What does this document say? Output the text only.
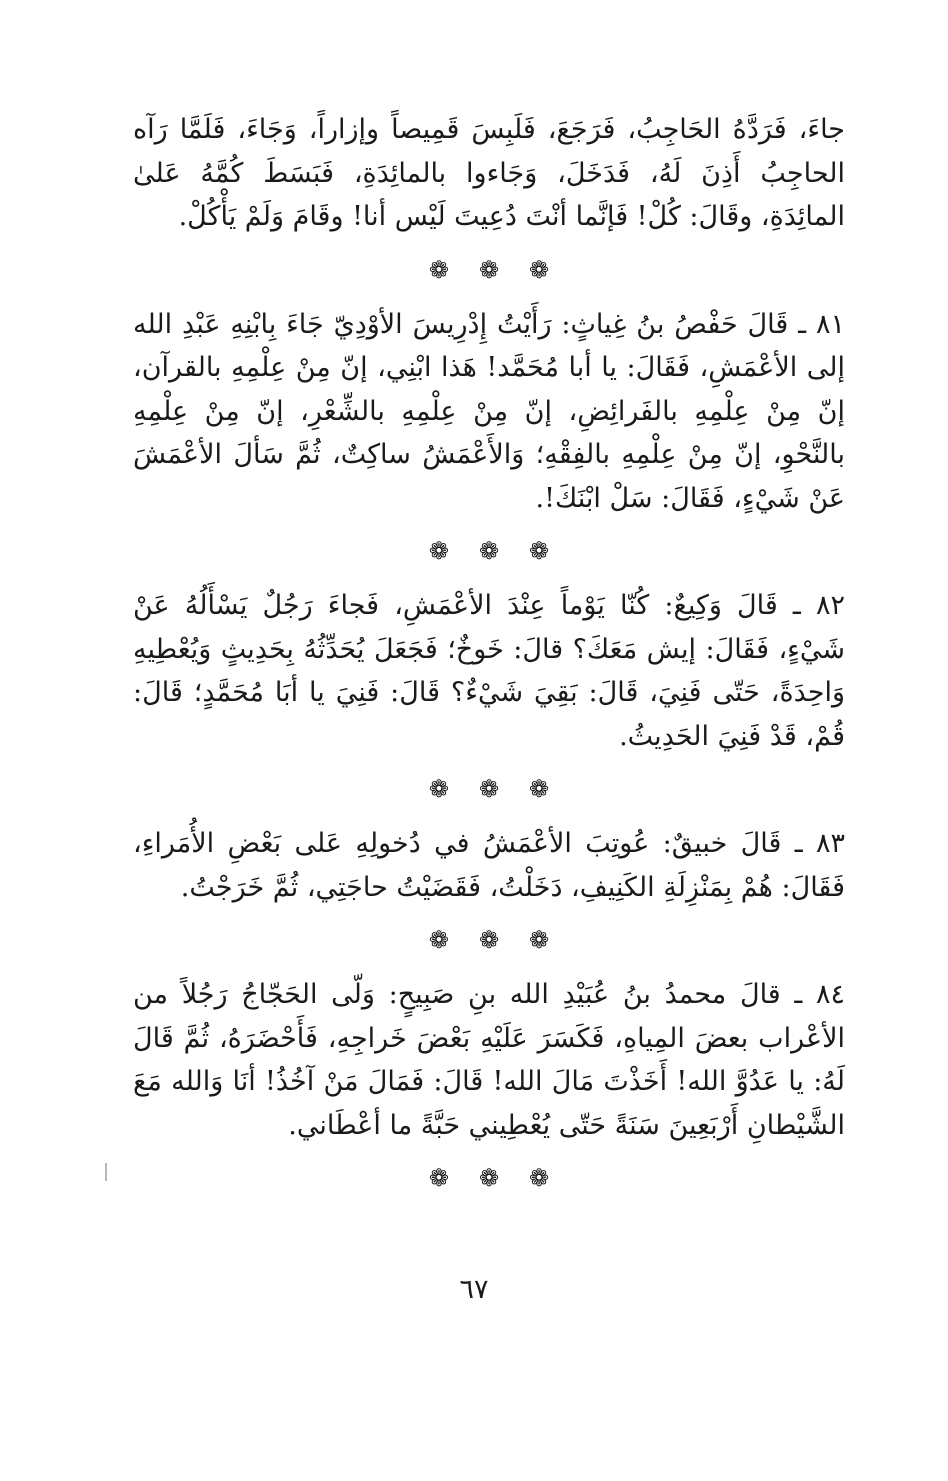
جاءَ، فَرَدَّهُ الحَاجِبُ، فَرَجَعَ، فَلَبِسَ قَمِيصاً وإزاراً، وَجَاءَ، فَلَمَّا رَآه الحاجِبُ أَذِنَ لَهُ، فَدَخَلَ، وَجَاءوا بالمائِدَةِ، فَبَسَطَ كُمَّهُ عَلىٰ المائِدَةِ، وقَالَ: كُلْ! فَإنَّما أنْتَ دُعِيتَ لَيْس أنا! وقَامَ وَلَمْ يَأْكُلْ.

❁ ❁ ❁

٨١ ـ قَالَ حَفْصُ بنُ غِياثٍ: رَأَيْتُ إِدْرِيسَ الأوْدِيّ جَاءَ بِابْنِهِ عَبْدِ الله إلى الأعْمَشِ، فَقَالَ: يا أبا مُحَمَّد! هَذا ابْنِي، إنّ مِنْ عِلْمِهِ بالقرآن، إنّ مِنْ عِلْمِهِ بالفَرائِضِ، إنّ مِنْ عِلْمِهِ بالشِّعْرِ، إنّ مِنْ عِلْمِهِ بالنَّحْوِ، إنّ مِنْ عِلْمِهِ بالفِقْهِ؛ وَالأَعْمَشُ ساكِتٌ، ثُمَّ سَألَ الأعْمَشَ عَنْ شَيْءٍ، فَقَالَ: سَلْ ابْنَكَ!.

❁ ❁ ❁

٨٢ ـ قَالَ وَكِيعٌ: كُنّا يَوْماً عِنْدَ الأعْمَشِ، فَجاءَ رَجُلٌ يَسْأَلُهُ عَنْ شَيْءٍ، فَقَالَ: إيش مَعَكَ؟ قالَ: خَوخٌ؛ فَجَعَلَ يُحَدِّثُهُ بِحَدِيثٍ وَيُعْطِيهِ وَاحِدَةً، حَتّى فَنِيَ، قَالَ: بَقِيَ شَيْءٌ؟ قَالَ: فَنِيَ يا أبَا مُحَمَّدٍ؛ قَالَ: قُمْ، قَدْ فَنِيَ الحَدِيثُ.

❁ ❁ ❁

٨٣ ـ قَالَ خبيقٌ: عُوتِبَ الأعْمَشُ في دُخولِهِ عَلى بَعْضِ الأُمَراءِ، فَقَالَ: هُمْ بِمَنْزِلَةِ الكَنِيفِ، دَخَلْتُ، فَقَضَيْتُ حاجَتِي، ثُمَّ خَرَجْتُ.

❁ ❁ ❁

٨٤ ـ قالَ محمدُ بنُ عُبَيْدِ الله بنِ صَبِيحٍ: وَلّى الحَجّاجُ رَجُلاً من الأعْراب بعضَ المِياهِ، فَكَسَرَ عَلَيْهِ بَعْضَ خَراجِهِ، فَأَحْضَرَهُ، ثُمَّ قَالَ لَهُ: يا عَدُوَّ الله! أَخَذْتَ مَالَ الله! قَالَ: فَمَالَ مَنْ آخُذُ! أنَا وَالله مَعَ الشَّيْطانِ أَرْبَعِينَ سَنَةً حَتّى يُعْطِيني حَبَّةً ما أعْطَاني.

❁ ❁ ❁
٦٧
